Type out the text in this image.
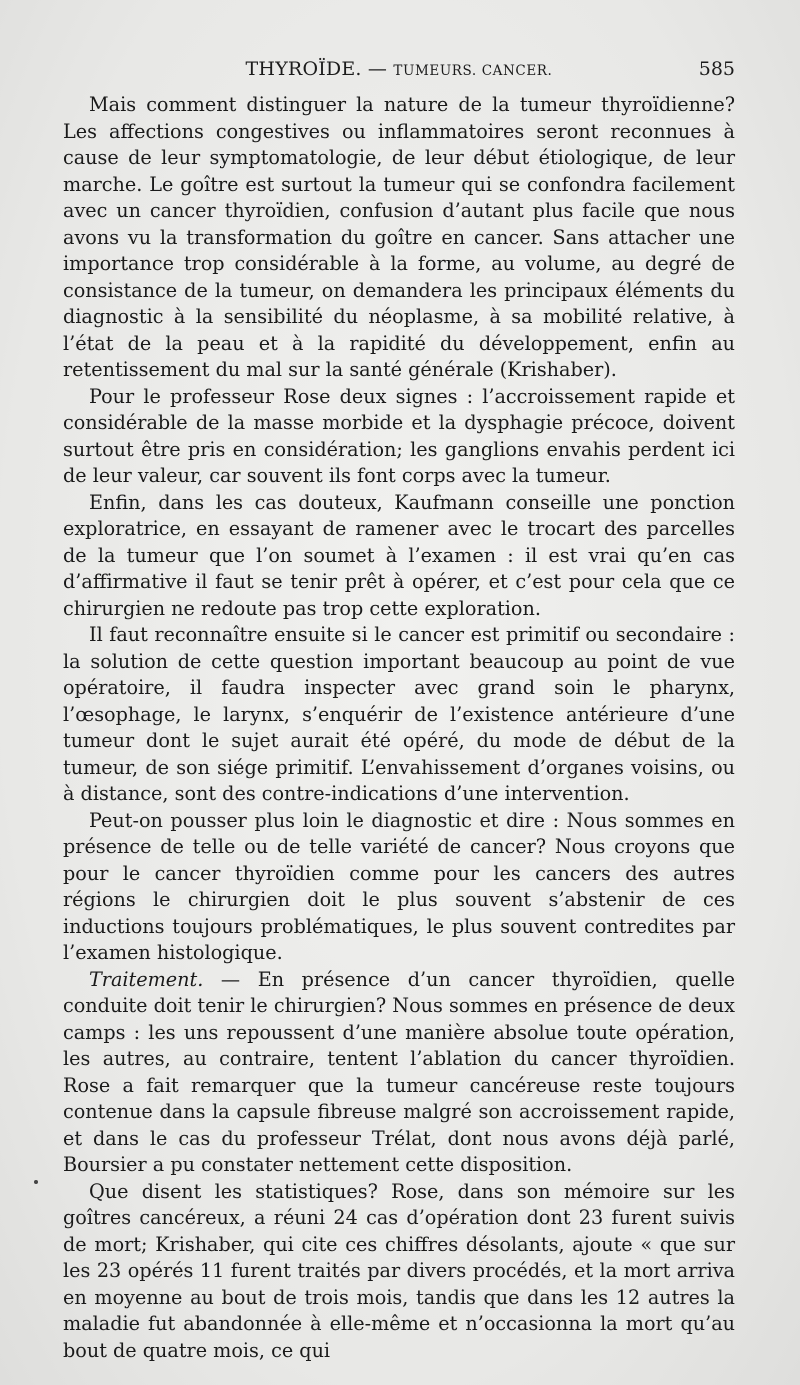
THYROÏDE. — TUMEURS. CANCER.	585

Mais comment distinguer la nature de la tumeur thyroïdienne? Les affections congestives ou inflammatoires seront reconnues à cause de leur symptomatologie, de leur début étiologique, de leur marche. Le goître est surtout la tumeur qui se confondra facilement avec un cancer thyroïdien, confusion d’autant plus facile que nous avons vu la transformation du goître en cancer. Sans attacher une importance trop considérable à la forme, au volume, au degré de consistance de la tumeur, on demandera les principaux éléments du diagnostic à la sensibilité du néoplasme, à sa mobilité relative, à l’état de la peau et à la rapidité du développement, enfin au retentissement du mal sur la santé générale (Krishaber).

Pour le professeur Rose deux signes : l’accroissement rapide et considérable de la masse morbide et la dysphagie précoce, doivent surtout être pris en considération; les ganglions envahis perdent ici de leur valeur, car souvent ils font corps avec la tumeur.

Enfin, dans les cas douteux, Kaufmann conseille une ponction exploratrice, en essayant de ramener avec le trocart des parcelles de la tumeur que l’on soumet à l’examen : il est vrai qu’en cas d’affirmative il faut se tenir prêt à opérer, et c’est pour cela que ce chirurgien ne redoute pas trop cette exploration.

Il faut reconnaître ensuite si le cancer est primitif ou secondaire : la solution de cette question important beaucoup au point de vue opératoire, il faudra inspecter avec grand soin le pharynx, l’œsophage, le larynx, s’enquérir de l’existence antérieure d’une tumeur dont le sujet aurait été opéré, du mode de début de la tumeur, de son siége primitif. L’envahissement d’organes voisins, ou à distance, sont des contre-indications d’une intervention.

Peut-on pousser plus loin le diagnostic et dire : Nous sommes en présence de telle ou de telle variété de cancer? Nous croyons que pour le cancer thyroïdien comme pour les cancers des autres régions le chirurgien doit le plus souvent s’abstenir de ces inductions toujours problématiques, le plus souvent contredites par l’examen histologique.

Traitement. — En présence d’un cancer thyroïdien, quelle conduite doit tenir le chirurgien? Nous sommes en présence de deux camps : les uns repoussent d’une manière absolue toute opération, les autres, au contraire, tentent l’ablation du cancer thyroïdien. Rose a fait remarquer que la tumeur cancéreuse reste toujours contenue dans la capsule fibreuse malgré son accroissement rapide, et dans le cas du professeur Trélat, dont nous avons déjà parlé, Boursier a pu constater nettement cette disposition.

Que disent les statistiques? Rose, dans son mémoire sur les goîtres cancéreux, a réuni 24 cas d’opération dont 23 furent suivis de mort; Krishaber, qui cite ces chiffres désolants, ajoute « que sur les 23 opérés 11 furent traités par divers procédés, et la mort arriva en moyenne au bout de trois mois, tandis que dans les 12 autres la maladie fut abandonnée à elle-même et n’occasionna la mort qu’au bout de quatre mois, ce qui
